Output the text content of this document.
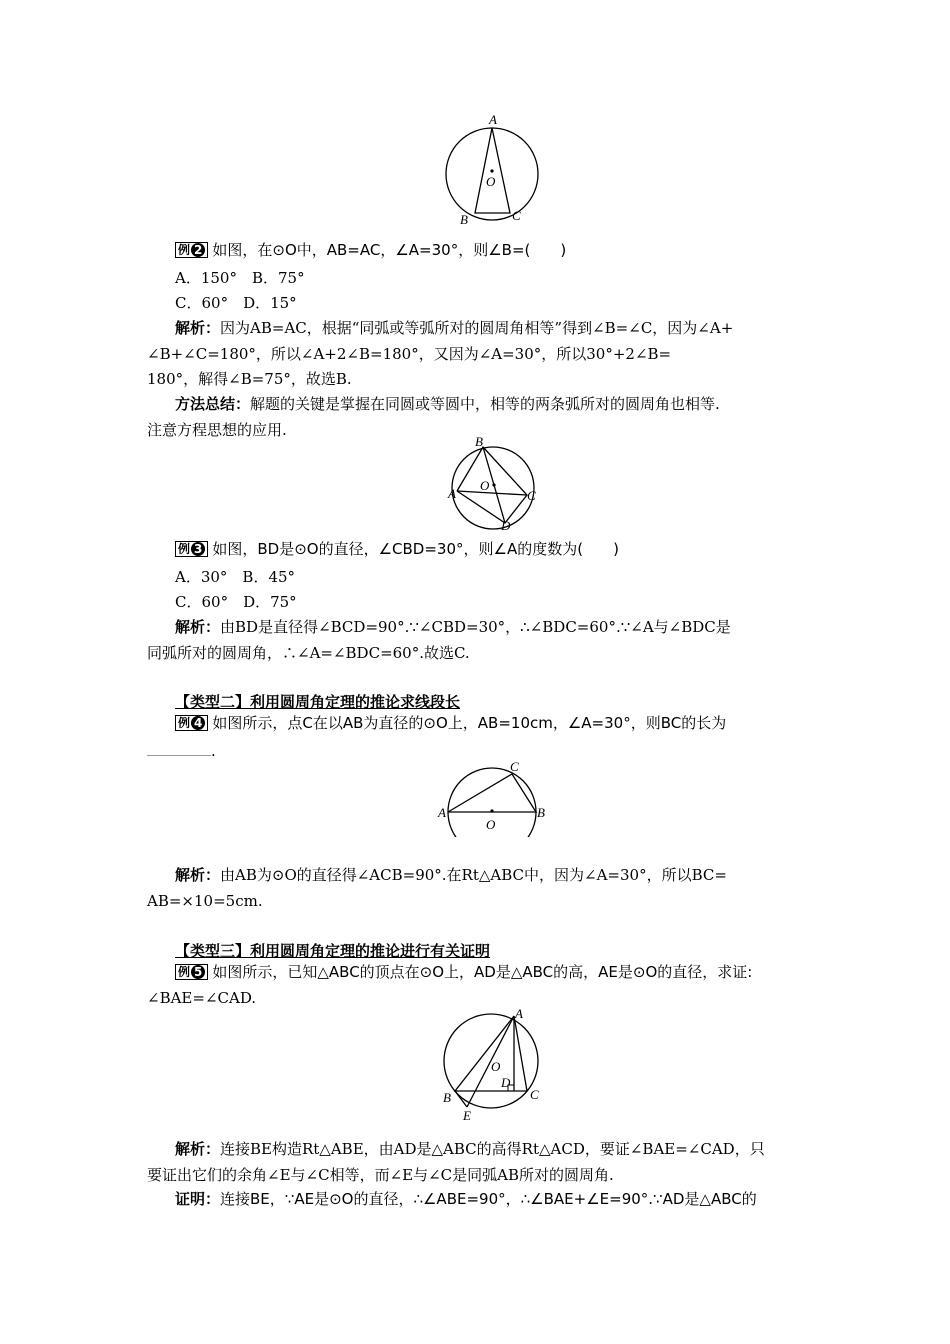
A
O
B	C
例 2 如图，在⊙O中，AB=AC，∠A=30°，则∠B=(　　)
A．150°　B．75°
C．60°　D．15°
解析：因为AB=AC，根据“同弧或等弧所对的圆周角相等”得到∠B=∠C，因为∠A+
∠B+∠C=180°，所以∠A+2∠B=180°，又因为∠A=30°，所以30°+2∠B=
180°，解得∠B=75°，故选B.
方法总结：解题的关键是掌握在同圆或等圆中，相等的两条弧所对的圆周角也相等.
注意方程思想的应用.
B
A
O
C
D
例 3 如图，BD是⊙O的直径，∠CBD=30°，则∠A的度数为(　　)
A．30°　B．45°
C．60°　D．75°
解析：由BD是直径得∠BCD=90°.∵∠CBD=30°，∴∠BDC=60°.∵∠A与∠BDC是
同弧所对的圆周角，∴∠A=∠BDC=60°.故选C.
【类型二】利用圆周角定理的推论求线段长
例 4 如图所示，点C在以AB为直径的⊙O上，AB=10cm，∠A=30°，则BC的长为
.
C
A	B
O
解析：由AB为⊙O的直径得∠ACB=90°.在Rt△ABC中，因为∠A=30°，所以BC=
AB=×10=5cm.
【类型三】利用圆周角定理的推论进行有关证明
例 5 如图所示，已知△ABC的顶点在⊙O上，AD是△ABC的高，AE是⊙O的直径，求证:
∠BAE=∠CAD.
A
O
D
B	C
E
解析：连接BE构造Rt△ABE，由AD是△ABC的高得Rt△ACD，要证∠BAE=∠CAD，只
要证出它们的余角∠E与∠C相等，而∠E与∠C是同弧AB所对的圆周角.
证明：连接BE，∵AE是⊙O的直径，∴∠ABE=90°，∴∠BAE+∠E=90°.∵AD是△ABC的
